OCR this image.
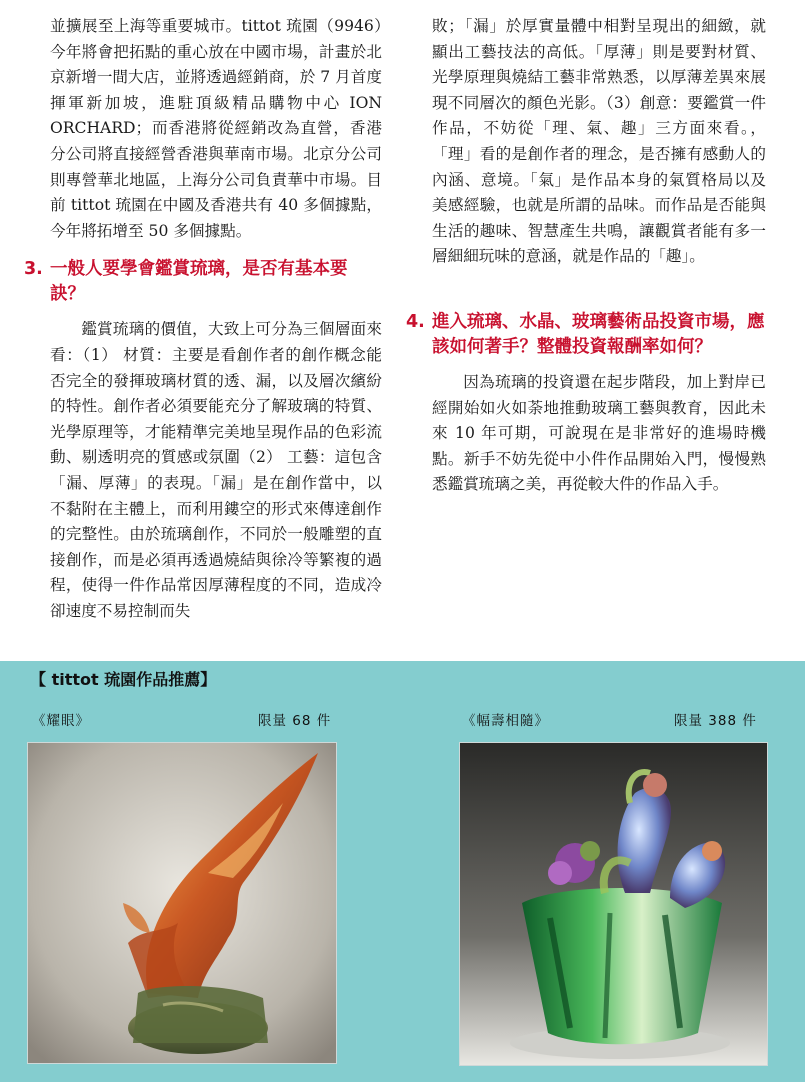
並擴展至上海等重要城市。tittot 琉園（9946）今年將會把拓點的重心放在中國市場，計畫於北京新增一間大店，並將透過經銷商，於 7 月首度揮軍新加坡，進駐頂級精品購物中心 ION ORCHARD；而香港將從經銷改為直營，香港分公司將直接經營香港與華南市場。北京分公司則專營華北地區，上海分公司負責華中市場。目前 tittot 琉園在中國及香港共有 40 多個據點，今年將拓增至 50 多個據點。

3. 一般人要學會鑑賞琉璃，是否有基本要訣？

鑑賞琉璃的價值，大致上可分為三個層面來看：（1） 材質：主要是看創作者的創作概念能否完全的發揮玻璃材質的透、漏，以及層次繽紛的特性。創作者必須要能充分了解玻璃的特質、光學原理等，才能精準完美地呈現作品的色彩流動、剔透明亮的質感或氛圍（2） 工藝：這包含「漏、厚薄」的表現。「漏」是在創作當中，以不黏附在主體上，而利用鏤空的形式來傳達創作的完整性。由於琉璃創作，不同於一般雕塑的直接創作，而是必須再透過燒結與徐冷等繁複的過程，使得一件作品常因厚薄程度的不同，造成冷卻速度不易控制而失

敗；「漏」於厚實量體中相對呈現出的細緻，就顯出工藝技法的高低。「厚薄」則是要對材質、光學原理與燒結工藝非常熟悉，以厚薄差異來展現不同層次的顏色光影。（3）創意：要鑑賞一件作品，不妨從「理、氣、趣」三方面來看。，「理」看的是創作者的理念，是否擁有感動人的內涵、意境。「氣」是作品本身的氣質格局以及美感經驗，也就是所謂的品味。而作品是否能與生活的趣味、智慧產生共鳴，讓觀賞者能有多一層細細玩味的意涵，就是作品的「趣」。

4. 進入琉璃、水晶、玻璃藝術品投資市場，應該如何著手？整體投資報酬率如何？

因為琉璃的投資還在起步階段，加上對岸已經開始如火如荼地推動玻璃工藝與教育，因此未來 10 年可期，可說現在是非常好的進場時機點。新手不妨先從中小件作品開始入門，慢慢熟悉鑑賞琉璃之美，再從較大件的作品入手。

【 tittot 琉園作品推薦】
《耀眼》	限量 68 件	《幅壽相隨》	限量 388 件
